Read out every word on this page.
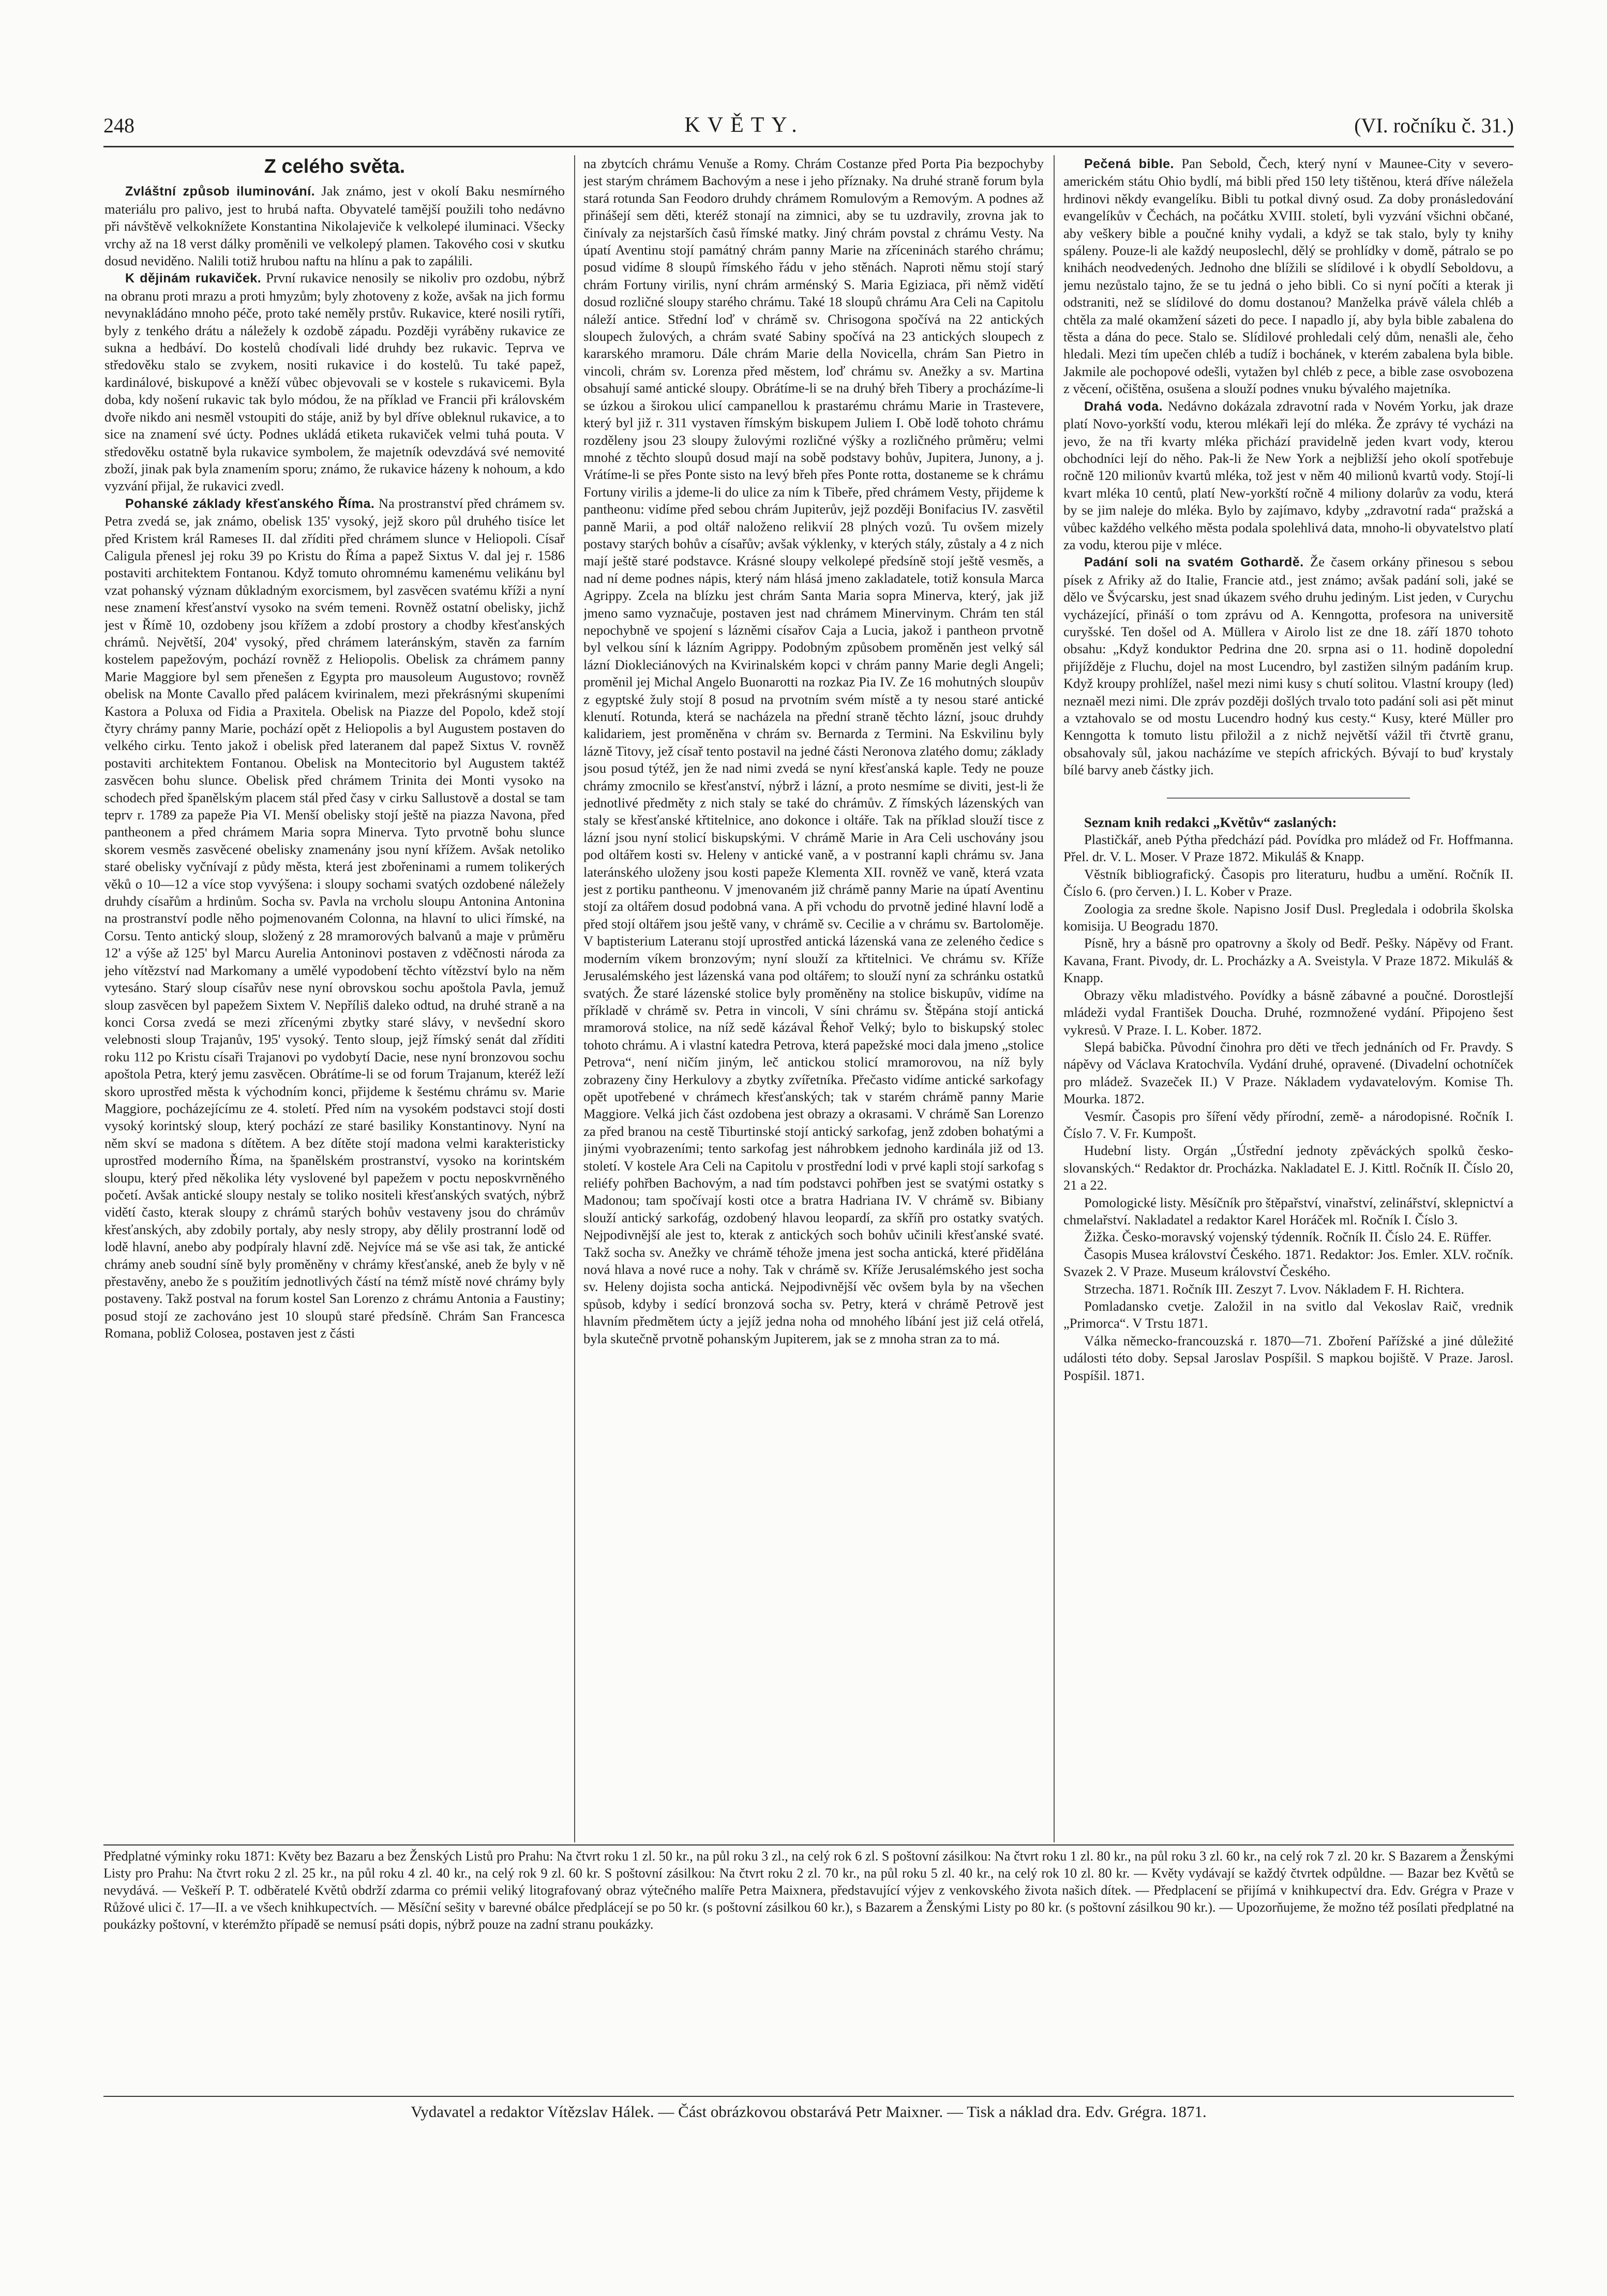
248	KVĚTY.	(VI. ročníku č. 31.)
Z celého světa.

Zvláštní způsob iluminování. Jak známo, jest v okolí Baku nesmírného materiálu pro palivo, jest to hrubá nafta. Obyvatelé tamější použili toho nedávno při návštěvě velkoknížete Konstantina Nikolajeviče k velkolepé iluminaci. Všecky vrchy až na 18 verst dálky proměnili ve velkolepý plamen. Takového cosi v skutku dosud neviděno. Nalili totiž hrubou naftu na hlínu a pak to zapálili.

K dějinám rukaviček. První rukavice nenosily se nikoliv pro ozdobu, nýbrž na obranu proti mrazu a proti hmyzům; byly zhotoveny z kože, avšak na jich formu nevynakládáno mnoho péče, proto také neměly prstův. Rukavice, které nosili rytíři, byly z tenkého drátu a náležely k ozdobě západu. Později vyráběny rukavice ze sukna a hedbáví. Do kostelů chodívali lidé druhdy bez rukavic. Teprva ve středověku stalo se zvykem, nositi rukavice i do kostelů. Tu také papež, kardinálové, biskupové a kněží vůbec objevovali se v kostele s rukavicemi. Byla doba, kdy nošení rukavic tak bylo módou, že na příklad ve Francii při královském dvoře nikdo ani nesměl vstoupiti do stáje, aniž by byl dříve obleknul rukavice, a to sice na znamení své úcty. Podnes ukládá etiketa rukaviček velmi tuhá pouta. V středověku ostatně byla rukavice symbolem, že majetník odevzdává své nemovité zboží, jinak pak byla znamením sporu; známo, že rukavice házeny k nohoum, a kdo vyzvání přijal, že rukavici zvedl.

Pohanské základy křesťanského Říma. Na prostranství před chrámem sv. Petra zvedá se, jak známo, obelisk 135' vysoký, jejž skoro půl druhého tisíce let před Kristem král Rameses II. dal zříditi před chrámem slunce v Heliopoli. Císař Caligula přenesl jej roku 39 po Kristu do Říma a papež Sixtus V. dal jej r. 1586 postaviti architektem Fontanou. Když tomuto ohromnému kamenému velikánu byl vzat pohanský význam důkladným exorcismem, byl zasvěcen svatému kříži a nyní nese znamení křesťanství vysoko na svém temeni. Rovněž ostatní obelisky, jichž jest v Římě 10, ozdobeny jsou křížem a zdobí prostory a chodby křesťanských chrámů. Největší, 204' vysoký, před chrámem lateránským, stavěn za farním kostelem papežovým, pochází rovněž z Heliopolis. Obelisk za chrámem panny Marie Maggiore byl sem přenešen z Egypta pro mausoleum Augustovo; rovněž obelisk na Monte Cavallo před palácem kvirinalem, mezi překrásnými skupeními Kastora a Poluxa od Fidia a Praxitela. Obelisk na Piazze del Popolo, kdež stojí čtyry chrámy panny Marie, pochází opět z Heliopolis a byl Augustem postaven do velkého cirku. Tento jakož i obelisk před lateranem dal papež Sixtus V. rovněž postaviti architektem Fontanou. Obelisk na Montecitorio byl Augustem taktéž zasvěcen bohu slunce. Obelisk před chrámem Trinita dei Monti vysoko na schodech před španělským placem stál před časy v cirku Sallustově a dostal se tam teprv r. 1789 za papeže Pia VI. Menší obelisky stojí ještě na piazza Navona, před pantheonem a před chrámem Maria sopra Minerva. Tyto prvotně bohu slunce skorem vesměs zasvěcené obelisky znamenány jsou nyní křížem. Avšak netoliko staré obelisky vyčnívají z půdy města, která jest zbořeninami a rumem tolikerých věků o 10—12 a více stop vyvýšena: i sloupy sochami svatých ozdobené náležely druhdy císařům a hrdinům. Socha sv. Pavla na vrcholu sloupu Antonina Antonina na prostranství podle něho pojmenovaném Colonna, na hlavní to ulici římské, na Corsu. Tento antický sloup, složený z 28 mramorových balvanů a maje v průměru 12' a výše až 125' byl Marcu Aurelia Antoninovi postaven z vděčnosti národa za jeho vítězství nad Markomany a umělé vypodobení těchto vítězství bylo na něm vytesáno. Starý sloup císařův nese nyní obrovskou sochu apoštola Pavla, jemuž sloup zasvěcen byl papežem Sixtem V. Nepříliš daleko odtud, na druhé straně a na konci Corsa zvedá se mezi zřícenými zbytky staré slávy, v nevšední skoro velebnosti sloup Trajanův, 195' vysoký. Tento sloup, jejž římský senát dal zříditi roku 112 po Kristu císaři Trajanovi po vydobytí Dacie, nese nyní bronzovou sochu apoštola Petra, který jemu zasvěcen. Obrátíme-li se od forum Trajanum, kteréž leží skoro uprostřed města k východním konci, přijdeme k šestému chrámu sv. Marie Maggiore, pocházejícímu ze 4. století. Před ním na vysokém podstavci stojí dosti vysoký korintský sloup, který pochází ze staré basiliky Konstantinovy. Nyní na něm skví se madona s dítětem. A bez dítěte stojí madona velmi karakteristicky uprostřed moderního Říma, na španělském prostranství, vysoko na korintském sloupu, který před několika léty vyslovené byl papežem v poctu neposkvrněného početí. Avšak antické sloupy nestaly se toliko nositeli křesťanských svatých, nýbrž vidětí často, kterak sloupy z chrámů starých bohův vestaveny jsou do chrámův křesťanských, aby zdobily portaly, aby nesly stropy, aby dělily prostranní lodě od lodě hlavní, anebo aby podpíraly hlavní zdě. Nejvíce má se vše asi tak, že antické chrámy aneb soudní síně byly proměněny v chrámy křesťanské, aneb že byly v ně přestavěny, anebo že s použitím jednotlivých částí na témž místě nové chrámy byly postaveny. Takž postval na forum kostel San Lorenzo z chrámu Antonia a Faustiny; posud stojí ze zachováno jest 10 sloupů staré předsíně. Chrám San Francesca Romana, pobliž Colosea, postaven jest z části

na zbytcích chrámu Venuše a Romy. Chrám Costanze před Porta Pia bezpochyby jest starým chrámem Bachovým a nese i jeho příznaky. Na druhé straně forum byla stará rotunda San Feodoro druhdy chrámem Romulovým a Removým. A podnes až přinášejí sem děti, kteréž stonají na zimnici, aby se tu uzdravily, zrovna jak to činívaly za nejstarších časů římské matky. Jiný chrám povstal z chrámu Vesty. Na úpatí Aventinu stojí památný chrám panny Marie na zříceninách starého chrámu; posud vidíme 8 sloupů římského řádu v jeho stěnách. Naproti němu stojí starý chrám Fortuny virilis, nyní chrám arménský S. Maria Egiziaca, při němž vidětí dosud rozličné sloupy starého chrámu. Také 18 sloupů chrámu Ara Celi na Capitolu náleží antice. Střední loď v chrámě sv. Chrisogona spočívá na 22 antických sloupech žulových, a chrám svaté Sabiny spočívá na 23 antických sloupech z kararského mramoru. Dále chrám Marie della Novicella, chrám San Pietro in vincoli, chrám sv. Lorenza před městem, loď chrámu sv. Anežky a sv. Martina obsahují samé antické sloupy. Obrátíme-li se na druhý břeh Tibery a procházíme-li se úzkou a širokou ulicí campanellou k prastarému chrámu Marie in Trastevere, který byl již r. 311 vystaven římským biskupem Juliem I. Obě lodě tohoto chrámu rozděleny jsou 23 sloupy žulovými rozličné výšky a rozličného průměru; velmi mnohé z těchto sloupů dosud mají na sobě podstavy bohův, Jupitera, Junony, a j. Vrátíme-li se přes Ponte sisto na levý břeh přes Ponte rotta, dostaneme se k chrámu Fortuny virilis a jdeme-li do ulice za ním k Tibeře, před chrámem Vesty, přijdeme k pantheonu: vidíme před sebou chrám Jupiterův, jejž později Bonifacius IV. zasvětil panně Marii, a pod oltář naloženo relikvií 28 plných vozů. Tu ovšem mizely postavy starých bohův a císařův; avšak výklenky, v kterých stály, zůstaly a 4 z nich mají ještě staré podstavce. Krásné sloupy velkolepé předsíně stojí ještě vesměs, a nad ní deme podnes nápis, který nám hlásá jmeno zakladatele, totiž konsula Marca Agrippy. Zcela na blízku jest chrám Santa Maria sopra Minerva, který, jak již jmeno samo vyznačuje, postaven jest nad chrámem Minervinym. Chrám ten stál nepochybně ve spojení s lázněmi císařov Caja a Lucia, jakož i pantheon prvotně byl velkou síní k lázním Agrippy. Podobným způsobem proměněn jest velký sál lázní Diokleciánových na Kvirinalském kopci v chrám panny Marie degli Angeli; proměnil jej Michal Angelo Buonarotti na rozkaz Pia IV. Ze 16 mohutných sloupův z egyptské žuly stojí 8 posud na prvotním svém místě a ty nesou staré antické klenutí. Rotunda, která se nacházela na přední straně těchto lázní, jsouc druhdy kalidariem, jest proměněna v chrám sv. Bernarda z Termini. Na Eskvilinu byly lázně Titovy, jež císař tento postavil na jedné části Neronova zlatého domu; základy jsou posud týtéž, jen že nad nimi zvedá se nyní křesťanská kaple. Tedy ne pouze chrámy zmocnilo se křesťanství, nýbrž i lázní, a proto nesmíme se diviti, jest-li že jednotlivé předměty z nich staly se také do chrámův. Z římských lázenských van staly se křesťanské křtitelnice, ano dokonce i oltáře. Tak na příklad slouží tisce z lázní jsou nyní stolicí biskupskými. V chrámě Marie in Ara Celi uschovány jsou pod oltářem kosti sv. Heleny v antické vaně, a v postranní kapli chrámu sv. Jana lateránského uloženy jsou kosti papeže Klementa XII. rovněž ve vaně, která vzata jest z portiku pantheonu. V jmenovaném již chrámě panny Marie na úpatí Aventinu stojí za oltářem dosud podobná vana. A při vchodu do prvotně jediné hlavní lodě a před stojí oltářem jsou ještě vany, v chrámě sv. Cecilie a v chrámu sv. Bartoloměje. V baptisterium Lateranu stojí uprostřed antická lázenská vana ze zeleného čedice s moderním víkem bronzovým; nyní slouží za křtitelnici. Ve chrámu sv. Kříže Jerusalémského jest lázenská vana pod oltářem; to slouží nyní za schránku ostatků svatých. Že staré lázenské stolice byly proměněny na stolice biskupův, vidíme na příkladě v chrámě sv. Petra in vincoli, V síni chrámu sv. Štěpána stojí antická mramorová stolice, na níž sedě kázával Řehoř Velký; bylo to biskupský stolec tohoto chrámu. A i vlastní katedra Petrova, která papežské moci dala jmeno „stolice Petrova“, není ničím jiným, leč antickou stolicí mramorovou, na níž byly zobrazeny činy Herkulovy a zbytky zvířetníka. Přečasto vidíme antické sarkofagy opět upotřebené v chrámech křesťanských; tak v starém chrámě panny Marie Maggiore. Velká jich část ozdobena jest obrazy a okrasami. V chrámě San Lorenzo za před branou na cestě Tiburtinské stojí antický sarkofag, jenž zdoben bohatými a jinými vyobrazeními; tento sarkofag jest náhrobkem jednoho kardinála již od 13. století. V kostele Ara Celi na Capitolu v prostřední lodi v prvé kapli stojí sarkofag s reliéfy pohřben Bachovým, a nad tím podstavci pohřben jest se svatými ostatky s Madonou; tam spočívají kosti otce a bratra Hadriana IV. V chrámě sv. Bibiany slouží antický sarkofág, ozdobený hlavou leopardí, za skříň pro ostatky svatých. Nejpodivnější ale jest to, kterak z antických soch bohův učinili křesťanské svaté. Takž socha sv. Anežky ve chrámě téhože jmena jest socha antická, které přidělána nová hlava a nové ruce a nohy. Tak v chrámě sv. Kříže Jerusalémského jest socha sv. Heleny dojista socha antická. Nejpodivnější věc ovšem byla by na všechen spůsob, kdyby i sedící bronzová socha sv. Petry, která v chrámě Petrově jest hlavním předmětem úcty a jejíž jedna noha od mnohého líbání jest již celá otřelá, byla skutečně prvotně pohanským Jupiterem, jak se z mnoha stran za to má.

Pečená bible. Pan Sebold, Čech, který nyní v Maunee-City v severo-americkém státu Ohio bydlí, má bibli před 150 lety tištěnou, která dříve náležela hrdinovi někdy evangelíku. Bibli tu potkal divný osud. Za doby pronásledování evangelíkův v Čechách, na počátku XVIII. století, byli vyzvání všichni občané, aby veškery bible a poučné knihy vydali, a když se tak stalo, byly ty knihy spáleny. Pouze-li ale každý neuposlechl, dělý se prohlídky v domě, pátralo se po knihách neodvedených. Jednoho dne blížili se slídilové i k obydlí Seboldovu, a jemu nezůstalo tajno, že se tu jedná o jeho bibli. Co si nyní počíti a kterak ji odstraniti, než se slídilové do domu dostanou? Manželka právě válela chléb a chtěla za malé okamžení sázeti do pece. I napadlo jí, aby byla bible zabalena do těsta a dána do pece. Stalo se. Slídilové prohledali celý dům, nenašli ale, čeho hledali. Mezi tím upečen chléb a tudíž i bochánek, v kterém zabalena byla bible. Jakmile ale pochopové odešli, vytažen byl chléb z pece, a bible zase osvobozena z věcení, očištěna, osušena a slouží podnes vnuku bývalého majetníka.

Drahá voda. Nedávno dokázala zdravotní rada v Novém Yorku, jak draze platí Novo-yorkští vodu, kterou mlékaři lejí do mléka. Že zprávy té vycházi na jevo, že na tři kvarty mléka přichází pravidelně jeden kvart vody, kterou obchodníci lejí do něho. Pak-li že New York a nejbližší jeho okolí spotřebuje ročně 120 milionův kvartů mléka, tož jest v něm 40 milionů kvartů vody. Stojí-li kvart mléka 10 centů, platí New-yorkští ročně 4 miliony dolarův za vodu, která by se jim naleje do mléka. Bylo by zajímavo, kdyby „zdravotní rada“ pražská a vůbec každého velkého města podala spolehlivá data, mnoho-li obyvatelstvo platí za vodu, kterou pije v mléce.

Padání soli na svatém Gothardě. Že časem orkány přinesou s sebou písek z Afriky až do Italie, Francie atd., jest známo; avšak padání soli, jaké se dělo ve Švýcarsku, jest snad úkazem svého druhu jediným. List jeden, v Curychu vycházející, přináší o tom zprávu od A. Kenngotta, profesora na universitě curyšské. Ten došel od A. Müllera v Airolo list ze dne 18. září 1870 tohoto obsahu: „Když konduktor Pedrina dne 20. srpna asi o 11. hodině dopolední přijížděje z Fluchu, dojel na most Lucendro, byl zastižen silným padáním krup. Když kroupy prohlížel, našel mezi nimi kusy s chutí solitou. Vlastní kroupy (led) neznaěl mezi nimi. Dle zpráv později došlých trvalo toto padání soli asi pět minut a vztahovalo se od mostu Lucendro hodný kus cesty.“ Kusy, které Müller pro Kenngotta k tomuto listu přiložil a z nichž největší vážil tři čtvrtě granu, obsahovaly sůl, jakou nacházíme ve stepích afrických. Bývají to buď krystaly bílé barvy aneb částky jich.

Seznam knih redakci „Květův“ zaslaných:

Plastičkář, aneb Pýtha předchází pád. Povídka pro mládež od Fr. Hoffmanna. Přel. dr. V. L. Moser. V Praze 1872. Mikuláš & Knapp.

Věstník bibliografický. Časopis pro literaturu, hudbu a umění. Ročník II. Číslo 6. (pro červen.) I. L. Kober v Praze.

Zoologia za sredne škole. Napisno Josif Dusl. Pregledala i odobrila školska komisija. U Beogradu 1870.

Písně, hry a básně pro opatrovny a školy od Bedř. Pešky. Nápěvy od Frant. Kavana, Frant. Pivody, dr. L. Procházky a A. Sveistyla. V Praze 1872. Mikuláš & Knapp.

Obrazy věku mladistvého. Povídky a básně zábavné a poučné. Dorostlejší mládeži vydal František Doucha. Druhé, rozmnožené vydání. Připojeno šest vykresů. V Praze. I. L. Kober. 1872.

Slepá babička. Původní činohra pro děti ve třech jednáních od Fr. Pravdy. S nápěvy od Václava Kratochvíla. Vydání druhé, opravené. (Divadelní ochotníček pro mládež. Svazeček II.) V Praze. Nákladem vydavatelovým. Komise Th. Mourka. 1872.

Vesmír. Časopis pro šíření vědy přírodní, země- a národopisné. Ročník I. Číslo 7. V. Fr. Kumpošt.

Hudební listy. Orgán „Ústřední jednoty zpěváckých spolků česko-slovanských.“ Redaktor dr. Procházka. Nakladatel E. J. Kittl. Ročník II. Číslo 20, 21 a 22.

Pomologické listy. Měsíčník pro štěpařství, vinařství, zelinářství, sklepnictví a chmelařství. Nakladatel a redaktor Karel Horáček ml. Ročník I. Číslo 3.

Žižka. Česko-moravský vojenský týdenník. Ročník II. Číslo 24. E. Rüffer.

Časopis Musea království Českého. 1871. Redaktor: Jos. Emler. XLV. ročník. Svazek 2. V Praze. Museum království Českého.

Strzecha. 1871. Ročník III. Zeszyt 7. Lvov. Nákladem F. H. Richtera.

Pomladansko cvetje. Založil in na svitlo dal Vekoslav Raič, vrednik „Primorca“. V Trstu 1871.

Válka německo-francouzská r. 1870—71. Zboření Pařížské a jiné důležité události této doby. Sepsal Jaroslav Pospíšil. S mapkou bojiště. V Praze. Jarosl. Pospíšil. 1871.

Předplatné výminky roku 1871: Květy bez Bazaru a bez Ženských Listů pro Prahu: Na čtvrt roku 1 zl. 50 kr., na půl roku 3 zl., na celý rok 6 zl. S poštovní zásilkou: Na čtvrt roku 1 zl. 80 kr., na půl roku 3 zl. 60 kr., na celý rok 7 zl. 20 kr. S Bazarem a Ženskými Listy pro Prahu: Na čtvrt roku 2 zl. 25 kr., na půl roku 4 zl. 40 kr., na celý rok 9 zl. 60 kr. S poštovní zásilkou: Na čtvrt roku 2 zl. 70 kr., na půl roku 5 zl. 40 kr., na celý rok 10 zl. 80 kr. — Květy vydávají se každý čtvrtek odpůldne. — Bazar bez Květů se nevydává. — Veškeří P. T. odběratelé Květů obdrží zdarma co prémii veliký litografovaný obraz výtečného malíře Petra Maixnera, představující výjev z venkovského života našich dítek. — Předplacení se přijímá v knihkupectví dra. Edv. Grégra v Praze v Růžové ulici č. 17—II. a ve všech knihkupectvích. — Měsíční sešity v barevné obálce předplácejí se po 50 kr. (s poštovní zásilkou 60 kr.), s Bazarem a Ženskými Listy po 80 kr. (s poštovní zásilkou 90 kr.). — Upozorňujeme, že možno též posílati předplatné na poukázky poštovní, v kterémžto případě se nemusí psáti dopis, nýbrž pouze na zadní stranu poukázky.

Vydavatel a redaktor Vítězslav Hálek. — Část obrázkovou obstarává Petr Maixner. — Tisk a náklad dra. Edv. Grégra. 1871.
